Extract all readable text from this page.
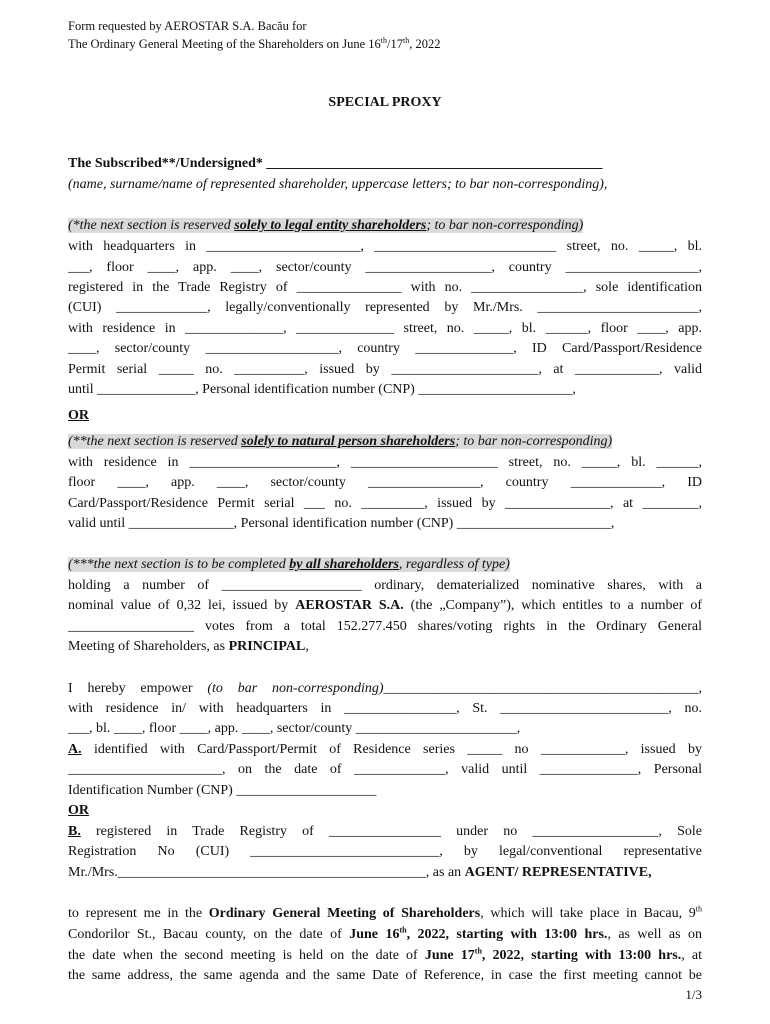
Form requested by AEROSTAR S.A. Bacău for
The Ordinary General Meeting of the Shareholders on June 16th/17th, 2022
SPECIAL PROXY
The Subscribed**/Undersigned* ________________________________________________
(name, surname/name of represented shareholder, uppercase letters; to bar non-corresponding),
(*the next section is reserved solely to legal entity shareholders; to bar non-corresponding)
with headquarters in ______________________, __________________________ street, no. _____, bl.
___, floor ____, app. ____, sector/county __________________, country ___________________,
registered in the Trade Registry of _______________ with no. ________________, sole identification
(CUI) _____________, legally/conventionally represented by Mr./Mrs. _______________________,
with residence in ______________, ______________ street, no. _____, bl. ______, floor ____, app.
____, sector/county ___________________, country ______________, ID Card/Passport/Residence
Permit serial _____ no. __________, issued by _____________________, at ____________, valid
until ______________, Personal identification number (CNP) ______________________,
OR
(**the next section is reserved solely to natural person shareholders; to bar non-corresponding)
with residence in _____________________, _____________________ street, no. _____, bl. ______,
floor ____, app. ____, sector/county ________________, country _____________, ID
Card/Passport/Residence Permit serial ___ no. _________, issued by _______________, at ________,
valid until _______________, Personal identification number (CNP) ______________________,
(***the next section is to be completed by all shareholders, regardless of type)
holding a number of ____________________ ordinary, dematerialized nominative shares, with a
nominal value of 0,32 lei, issued by AEROSTAR S.A. (the „Company”), which entitles to a number of
__________________ votes from a total 152.277.450 shares/voting rights in the Ordinary General
Meeting of Shareholders, as PRINCIPAL,
I hereby empower (to bar non-corresponding)_____________________________________________,
with residence in/ with headquarters in ________________, St. ________________________, no.
___, bl. ____, floor ____, app. ____, sector/county _______________________,
A. identified with Card/Passport/Permit of Residence series _____ no ____________, issued by
______________________, on the date of _____________, valid until ______________, Personal
Identification Number (CNP) ____________________
OR
B. registered in Trade Registry of ________________ under no __________________, Sole
Registration No (CUI) ___________________________, by legal/conventional representative
Mr./Mrs.____________________________________________, as an AGENT/ REPRESENTATIVE,
to represent me in the Ordinary General Meeting of Shareholders, which will take place in Bacau, 9th
Condorilor St., Bacau county, on the date of June 16th, 2022, starting with 13:00 hrs., as well as on
the date when the second meeting is held on the date of June 17th, 2022, starting with 13:00 hrs., at
the same address, the same agenda and the same Date of Reference, in case the first meeting cannot be
1/3
